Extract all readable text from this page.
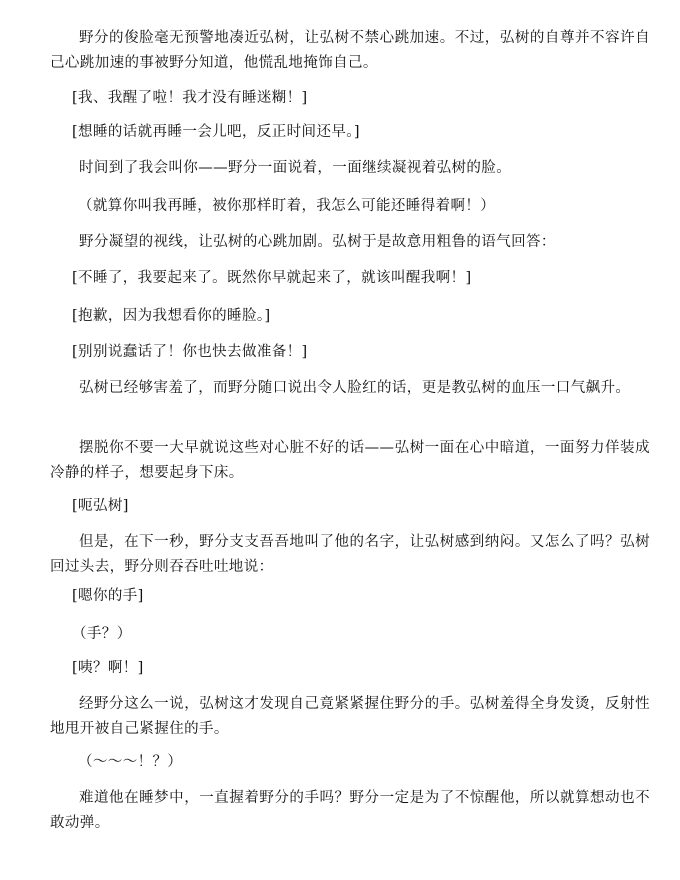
野分的俊脸毫无预警地凑近弘树，让弘树不禁心跳加速。不过，弘树的自尊并不容许自己心跳加速的事被野分知道，他慌乱地掩饰自己。

[我、我醒了啦！我才没有睡迷糊！]

[想睡的话就再睡一会儿吧，反正时间还早。]

时间到了我会叫你——野分一面说着，一面继续凝视着弘树的脸。

（就算你叫我再睡，被你那样盯着，我怎么可能还睡得着啊！）

野分凝望的视线，让弘树的心跳加剧。弘树于是故意用粗鲁的语气回答：

[不睡了，我要起来了。既然你早就起来了，就该叫醒我啊！]

[抱歉，因为我想看你的睡脸。]

[别别说蠢话了！你也快去做准备！]

弘树已经够害羞了，而野分随口说出令人脸红的话，更是教弘树的血压一口气飙升。

摆脱你不要一大早就说这些对心脏不好的话——弘树一面在心中暗道，一面努力佯装成冷静的样子，想要起身下床。

[呃弘树]

但是，在下一秒，野分支支吾吾地叫了他的名字，让弘树感到纳闷。又怎么了吗？弘树回过头去，野分则吞吞吐吐地说：

[嗯你的手]

（手？）

[咦？啊！]

经野分这么一说，弘树这才发现自己竟紧紧握住野分的手。弘树羞得全身发烫，反射性地甩开被自己紧握住的手。

（～～～！？）

难道他在睡梦中，一直握着野分的手吗？野分一定是为了不惊醒他，所以就算想动也不敢动弹。
